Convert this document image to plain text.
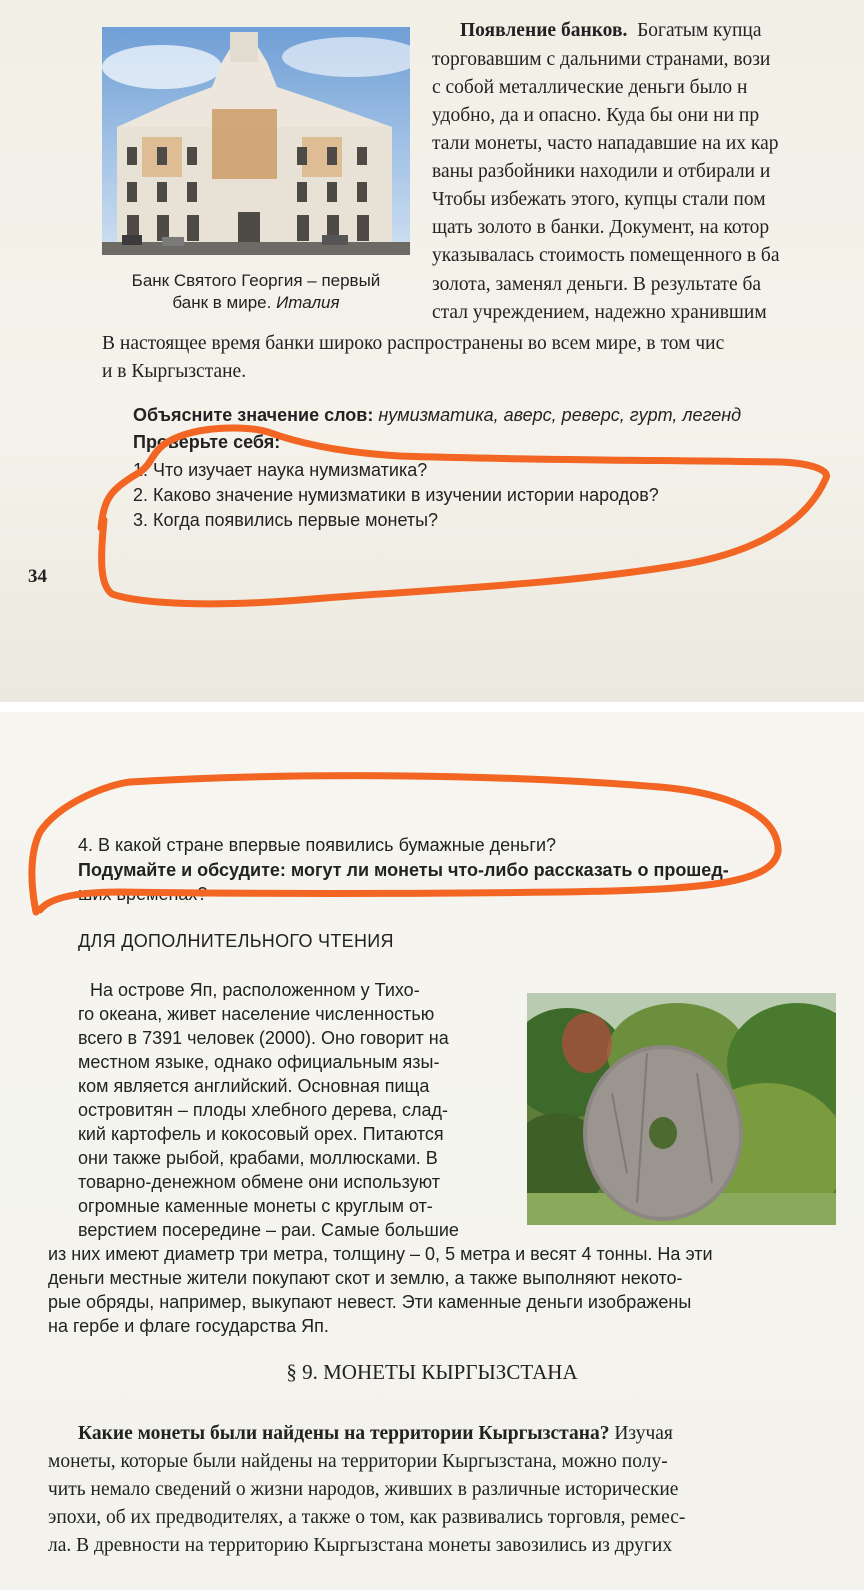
Банк Святого Георгия – первый
банк в мире. Италия
Появление банков. Богатым купца
торговавшим с дальними странами, вози
с собой металлические деньги было н
удобно, да и опасно. Куда бы они ни пр
тали монеты, часто нападавшие на их кар
ваны разбойники находили и отбирали и
Чтобы избежать этого, купцы стали пом
щать золото в банки. Документ, на котор
указывалась стоимость помещенного в ба
золота, заменял деньги. В результате ба
стал учреждением, надежно хранившим
В настоящее время банки широко распространены во всем мире, в том чис
и в Кыргызстане.
Объясните значение слов: нумизматика, аверс, реверс, гурт, легенд
Проверьте себя:
1. Что изучает наука нумизматика?
2. Каково значение нумизматики в изучении истории народов?
3. Когда появились первые монеты?
34
4. В какой стране впервые появились бумажные деньги?
Подумайте и обсудите: могут ли монеты что-либо рассказать о прошед-
ших временах?
ДЛЯ ДОПОЛНИТЕЛЬНОГО ЧТЕНИЯ
На острове Яп, расположенном у Тихо-
го океана, живет население численностью
всего в 7391 человек (2000). Оно говорит на
местном языке, однако официальным язы-
ком является английский. Основная пища
островитян – плоды хлебного дерева, слад-
кий картофель и кокосовый орех. Питаются
они также рыбой, крабами, моллюсками. В
товарно-денежном обмене они используют
огромные каменные монеты с круглым от-
верстием посередине – раи. Самые большие
из них имеют диаметр три метра, толщину – 0, 5 метра и весят 4 тонны. На эти
деньги местные жители покупают скот и землю, а также выполняют некото-
рые обряды, например, выкупают невест. Эти каменные деньги изображены
на гербе и флаге государства Яп.
§ 9. МОНЕТЫ КЫРГЫЗСТАНА
Какие монеты были найдены на территории Кыргызстана? Изучая
монеты, которые были найдены на территории Кыргызстана, можно полу-
чить немало сведений о жизни народов, живших в различные исторические
эпохи, об их предводителях, а также о том, как развивались торговля, ремес-
ла. В древности на территорию Кыргызстана монеты завозились из других
